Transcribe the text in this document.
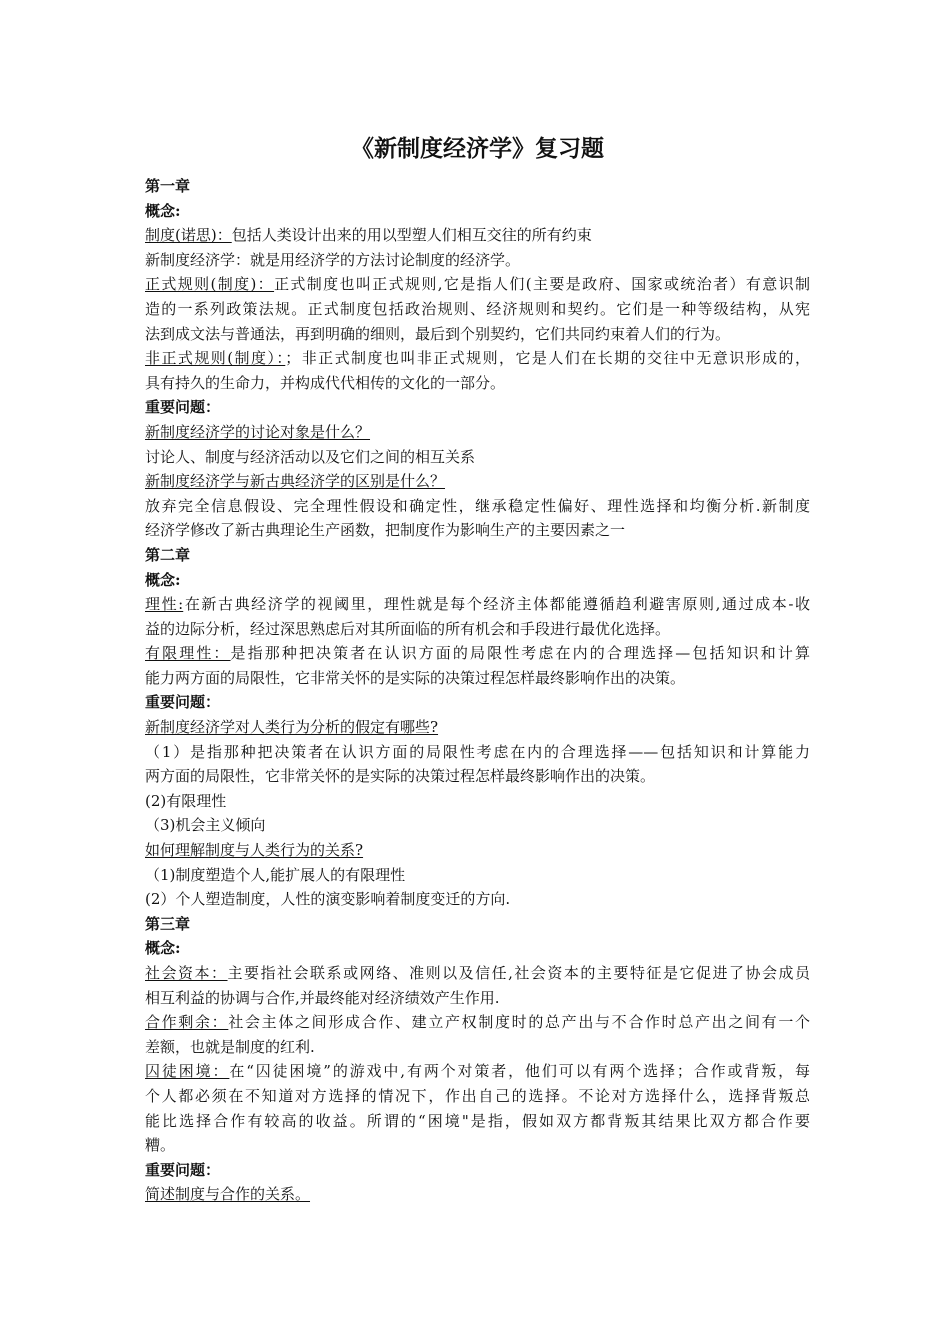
《新制度经济学》复习题
第一章
概念:
制度(诺思)：包括人类设计出来的用以型塑人们相互交往的所有约束
新制度经济学：就是用经济学的方法讨论制度的经济学。
正式规则(制度)：正式制度也叫正式规则,它是指人们(主要是政府、国家或统治者）有意识制
造的一系列政策法规。正式制度包括政治规则、经济规则和契约。它们是一种等级结构，从宪
法到成文法与普通法，再到明确的细则，最后到个别契约，它们共同约束着人们的行为。
非正式规则(制度）：；非正式制度也叫非正式规则，它是人们在长期的交往中无意识形成的，
具有持久的生命力，并构成代代相传的文化的一部分。
重要问题：
新制度经济学的讨论对象是什么？
讨论人、制度与经济活动以及它们之间的相互关系
新制度经济学与新古典经济学的区别是什么？
放弃完全信息假设、完全理性假设和确定性，继承稳定性偏好、理性选择和均衡分析.新制度
经济学修改了新古典理论生产函数，把制度作为影响生产的主要因素之一
第二章
概念:
理性:在新古典经济学的视阈里，理性就是每个经济主体都能遵循趋利避害原则,通过成本-收
益的边际分析，经过深思熟虑后对其所面临的所有机会和手段进行最优化选择。
有限理性：是指那种把决策者在认识方面的局限性考虑在内的合理选择—包括知识和计算
能力两方面的局限性，它非常关怀的是实际的决策过程怎样最终影响作出的决策。
重要问题：
新制度经济学对人类行为分析的假定有哪些?
（1）是指那种把决策者在认识方面的局限性考虑在内的合理选择——包括知识和计算能力
两方面的局限性，它非常关怀的是实际的决策过程怎样最终影响作出的决策。
(2)有限理性
（3)机会主义倾向
如何理解制度与人类行为的关系?
（1)制度塑造个人,能扩展人的有限理性
(2）个人塑造制度，人性的演变影响着制度变迁的方向.
第三章
概念:
社会资本：主要指社会联系或网络、准则以及信任,社会资本的主要特征是它促进了协会成员
相互利益的协调与合作,并最终能对经济绩效产生作用.
合作剩余：社会主体之间形成合作、建立产权制度时的总产出与不合作时总产出之间有一个
差额，也就是制度的红利.
囚徒困境：在“囚徒困境”的游戏中,有两个对策者，他们可以有两个选择；合作或背叛，每
个人都必须在不知道对方选择的情况下，作出自己的选择。不论对方选择什么，选择背叛总
能比选择合作有较高的收益。所谓的“困境"是指，假如双方都背叛其结果比双方都合作要
糟。
重要问题：
简述制度与合作的关系。
